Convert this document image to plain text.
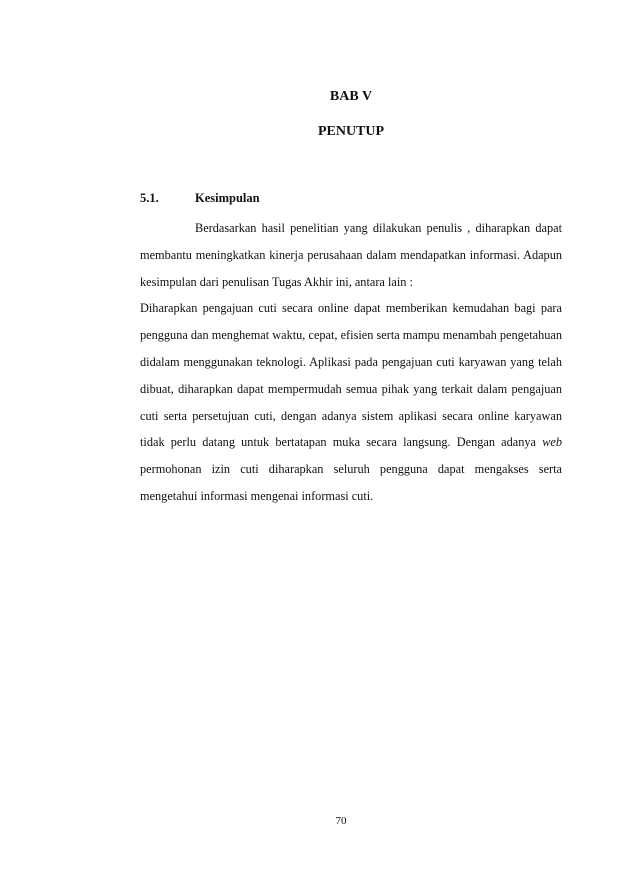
BAB V
PENUTUP
5.1.	Kesimpulan

Berdasarkan hasil penelitian yang dilakukan penulis , diharapkan dapat membantu meningkatkan kinerja perusahaan dalam mendapatkan informasi. Adapun kesimpulan dari penulisan Tugas Akhir ini, antara lain :

Diharapkan pengajuan cuti secara online dapat memberikan kemudahan bagi para pengguna dan menghemat waktu, cepat, efisien serta mampu menambah pengetahuan didalam menggunakan teknologi. Aplikasi pada pengajuan cuti karyawan yang telah dibuat, diharapkan dapat mempermudah semua pihak yang terkait dalam pengajuan cuti serta persetujuan cuti, dengan adanya sistem aplikasi secara online karyawan tidak perlu datang untuk bertatapan muka secara langsung. Dengan adanya web permohonan izin cuti diharapkan seluruh pengguna dapat mengakses serta mengetahui informasi mengenai informasi cuti.

70
